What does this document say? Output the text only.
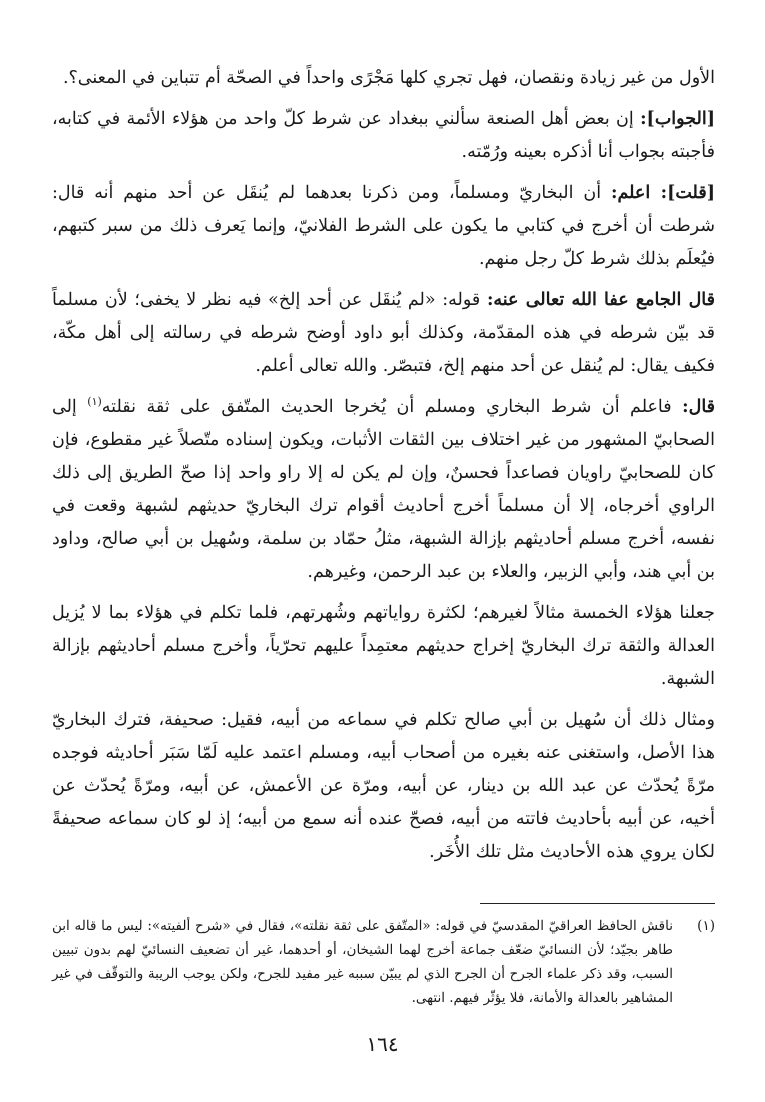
الأول من غير زيادة ونقصان، فهل تجري كلها مَجْرًى واحداً في الصحّة أم تتباين في المعنى؟.

[الجواب]: إن بعض أهل الصنعة سألني ببغداد عن شرط كلّ واحد من هؤلاء الأئمة في كتابه، فأجبته بجواب أنا أذكره بعينه ورُمّته.

[قلت]: اعلم: أن البخاريّ ومسلماً، ومن ذكرنا بعدهما لم يُنقَل عن أحد منهم أنه قال: شرطت أن أخرج في كتابي ما يكون على الشرط الفلانيّ، وإنما يَعرف ذلك من سبر كتبهم، فيُعلَم بذلك شرط كلّ رجل منهم.

قال الجامع عفا الله تعالى عنه: قوله: «لم يُنقَل عن أحد إلخ» فيه نظر لا يخفى؛ لأن مسلماً قد بيّن شرطه في هذه المقدّمة، وكذلك أبو داود أوضح شرطه في رسالته إلى أهل مكّة، فكيف يقال: لم يُنقل عن أحد منهم إلخ، فتبصّر. والله تعالى أعلم.

قال: فاعلم أن شرط البخاري ومسلم أن يُخرجا الحديث المتّفق على ثقة نقلته$^{(١)}$ إلى الصحابيّ المشهور من غير اختلاف بين الثقات الأثبات، ويكون إسناده متّصلاً غير مقطوع، فإن كان للصحابيّ راويان فصاعداً فحسنٌ، وإن لم يكن له إلا راو واحد إذا صحّ الطريق إلى ذلك الراوي أخرجاه، إلا أن مسلماً أخرج أحاديث أقوام ترك البخاريّ حديثهم لشبهة وقعت في نفسه، أخرج مسلم أحاديثهم بإزالة الشبهة، مثلُ حمّاد بن سلمة، وسُهيل بن أبي صالح، وداود بن أبي هند، وأبي الزبير، والعلاء بن عبد الرحمن، وغيرهم.

جعلنا هؤلاء الخمسة مثالاً لغيرهم؛ لكثرة رواياتهم وشُهرتهم، فلما تكلم في هؤلاء بما لا يُزيل العدالة والثقة ترك البخاريّ إخراج حديثهم معتمِداً عليهم تحرّياً، وأخرج مسلم أحاديثهم بإزالة الشبهة.

ومثال ذلك أن سُهيل بن أبي صالح تكلم في سماعه من أبيه، فقيل: صحيفة، فترك البخاريّ هذا الأصل، واستغنى عنه بغيره من أصحاب أبيه، ومسلم اعتمد عليه لَمّا سَبَر أحاديثه فوجده مرّةً يُحدّث عن عبد الله بن دينار، عن أبيه، ومرّة عن الأعمش، عن أبيه، ومرّةً يُحدّث عن أخيه، عن أبيه بأحاديث فاتته من أبيه، فصحّ عنده أنه سمع من أبيه؛ إذ لو كان سماعه صحيفةً لكان يروي هذه الأحاديث مثل تلك الأُخَر.

(١)
ناقش الحافظ العراقيّ المقدسيّ في قوله: «المتّفق على ثقة نقلته»، فقال في «شرح ألفيته»: ليس ما قاله ابن طاهر بجيّد؛ لأن النسائيّ ضعّف جماعة أخرج لهما الشيخان، أو أحدهما، غير أن تضعيف النسائيّ لهم بدون تبيين السبب، وقد ذكر علماء الجرح أن الجرح الذي لم يبيّن سببه غير مفيد للجرح، ولكن يوجب الريبة والتوقّف في غير المشاهير بالعدالة والأمانة، فلا يؤثّر فيهم. انتهى.
١٦٤
